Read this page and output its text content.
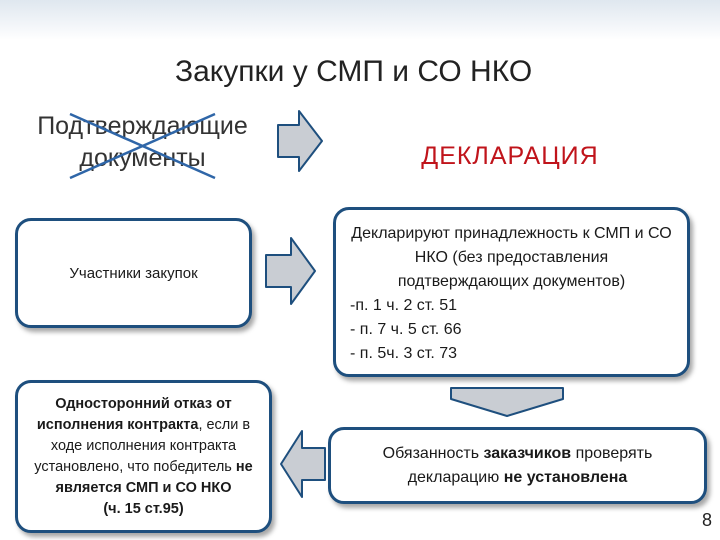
Закупки у СМП и СО НКО
Подтверждающие
документы	ДЕКЛАРАЦИЯ
Участники закупок
Декларируют принадлежность к СМП и СО НКО (без предоставления подтверждающих документов)
-п. 1 ч. 2 ст. 51
- п. 7 ч. 5 ст. 66
- п. 5ч. 3 ст. 73
Обязанность заказчиков проверять декларацию не установлена
Односторонний отказ от исполнения контракта, если в ходе исполнения контракта установлено, что победитель не является СМП и СО НКО
(ч. 15 ст.95)
8
